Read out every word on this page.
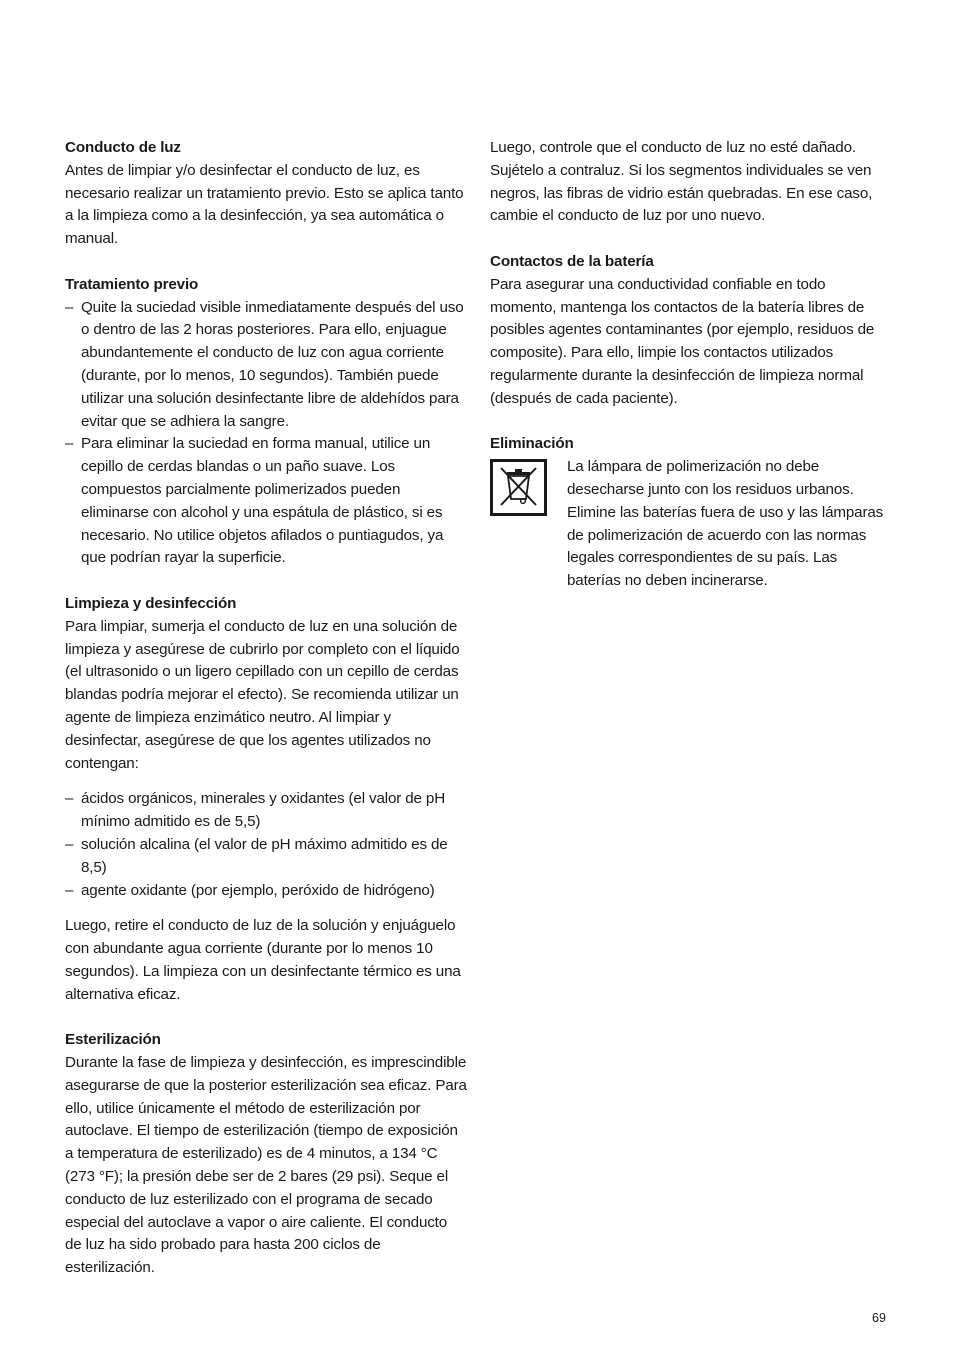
Conducto de luz

Antes de limpiar y/o desinfectar el conducto de luz, es necesario realizar un tratamiento previo. Esto se aplica tanto a la limpieza como a la desinfección, ya sea automática o manual.

Tratamiento previo

– Quite la suciedad visible inmediatamente después del uso o dentro de las 2 horas posteriores. Para ello, enjuague abundantemente el conducto de luz con agua corriente (durante, por lo menos, 10 segundos). También puede utilizar una solución desinfectante libre de aldehídos para evitar que se adhiera la sangre.
– Para eliminar la suciedad en forma manual, utilice un cepillo de cerdas blandas o un paño suave. Los compuestos parcialmente polimerizados pueden eliminarse con alcohol y una espátula de plástico, si es necesario. No utilice objetos afilados o puntiagudos, ya que podrían rayar la superficie.

Limpieza y desinfección

Para limpiar, sumerja el conducto de luz en una solución de limpieza y asegúrese de cubrirlo por completo con el líquido (el ultrasonido o un ligero cepillado con un cepillo de cerdas blandas podría mejorar el efecto). Se recomienda utilizar un agente de limpieza enzimático neutro. Al limpiar y desinfectar, asegúrese de que los agentes utilizados no contengan:

– ácidos orgánicos, minerales y oxidantes (el valor de pH mínimo admitido es de 5,5)
– solución alcalina (el valor de pH máximo admitido es de 8,5)
– agente oxidante (por ejemplo, peróxido de hidrógeno)

Luego, retire el conducto de luz de la solución y enjuáguelo con abundante agua corriente (durante por lo menos 10 segundos). La limpieza con un desinfectante térmico es una alternativa eficaz.

Esterilización

Durante la fase de limpieza y desinfección, es imprescindible asegurarse de que la posterior esterilización sea eficaz. Para ello, utilice únicamente el método de esterilización por autoclave. El tiempo de esterilización (tiempo de exposición a temperatura de esterilizado) es de 4 minutos, a 134 °C (273 °F); la presión debe ser de 2 bares (29 psi). Seque el conducto de luz esterilizado con el programa de secado especial del autoclave a vapor o aire caliente. El conducto de luz ha sido probado para hasta 200 ciclos de esterilización.

Luego, controle que el conducto de luz no esté dañado. Sujételo a contraluz. Si los segmentos individuales se ven negros, las fibras de vidrio están quebradas. En ese caso, cambie el conducto de luz por uno nuevo.

Contactos de la batería

Para asegurar una conductividad confiable en todo momento, mantenga los contactos de la batería libres de posibles agentes contaminantes (por ejemplo, residuos de composite). Para ello, limpie los contactos utilizados regularmente durante la desinfección de limpieza normal (después de cada paciente).

Eliminación

La lámpara de polimerización no debe desecharse junto con los residuos urbanos. Elimine las baterías fuera de uso y las lámparas de polimerización de acuerdo con las normas legales correspondientes de su país. Las baterías no deben incinerarse.

69
